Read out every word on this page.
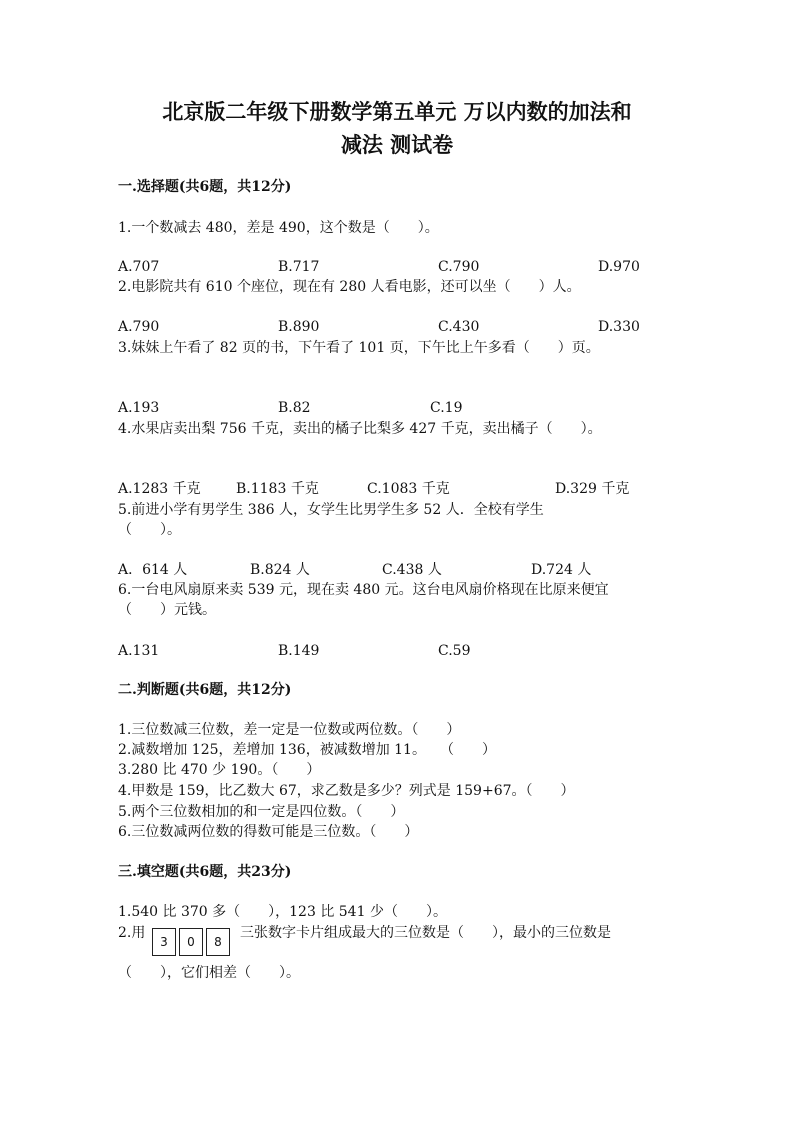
北京版二年级下册数学第五单元 万以内数的加法和
减法 测试卷
一.选择题(共6题，共12分)
1.一个数减去 480，差是 490，这个数是（　　）。
A.707	B.717	C.790	D.970
2.电影院共有 610 个座位，现在有 280 人看电影，还可以坐（　　）人。
A.790	B.890	C.430	D.330
3.妹妹上午看了 82 页的书，下午看了 101 页，下午比上午多看（　　）页。
A.193	B.82	C.19
4.水果店卖出梨 756 千克，卖出的橘子比梨多 427 千克，卖出橘子（　　）。
A.1283 千克	B.1183 千克	C.1083 千克	D.329 千克
5.前进小学有男学生 386 人，女学生比男学生多 52 人．全校有学生
（　　）。
A．614 人	B.824 人	C.438 人	D.724 人
6.一台电风扇原来卖 539 元，现在卖 480 元。这台电风扇价格现在比原来便宜
（　　）元钱。
A.131	B.149	C.59
二.判断题(共6题，共12分)
1.三位数减三位数，差一定是一位数或两位数。（　　）
2.减数增加 125，差增加 136，被减数增加 11。　　（　　）
3.280 比 470 少 190。（　　）
4.甲数是 159，比乙数大 67，求乙数是多少？列式是 159+67。（　　）
5.两个三位数相加的和一定是四位数。（　　）
6.三位数减两位数的得数可能是三位数。（　　）
三.填空题(共6题，共23分)
1.540 比 370 多（　　），123 比 541 少（　　）。
2.用
3 0 8
三张数字卡片组成最大的三位数是（　　），最小的三位数是
（　　），它们相差（　　）。
